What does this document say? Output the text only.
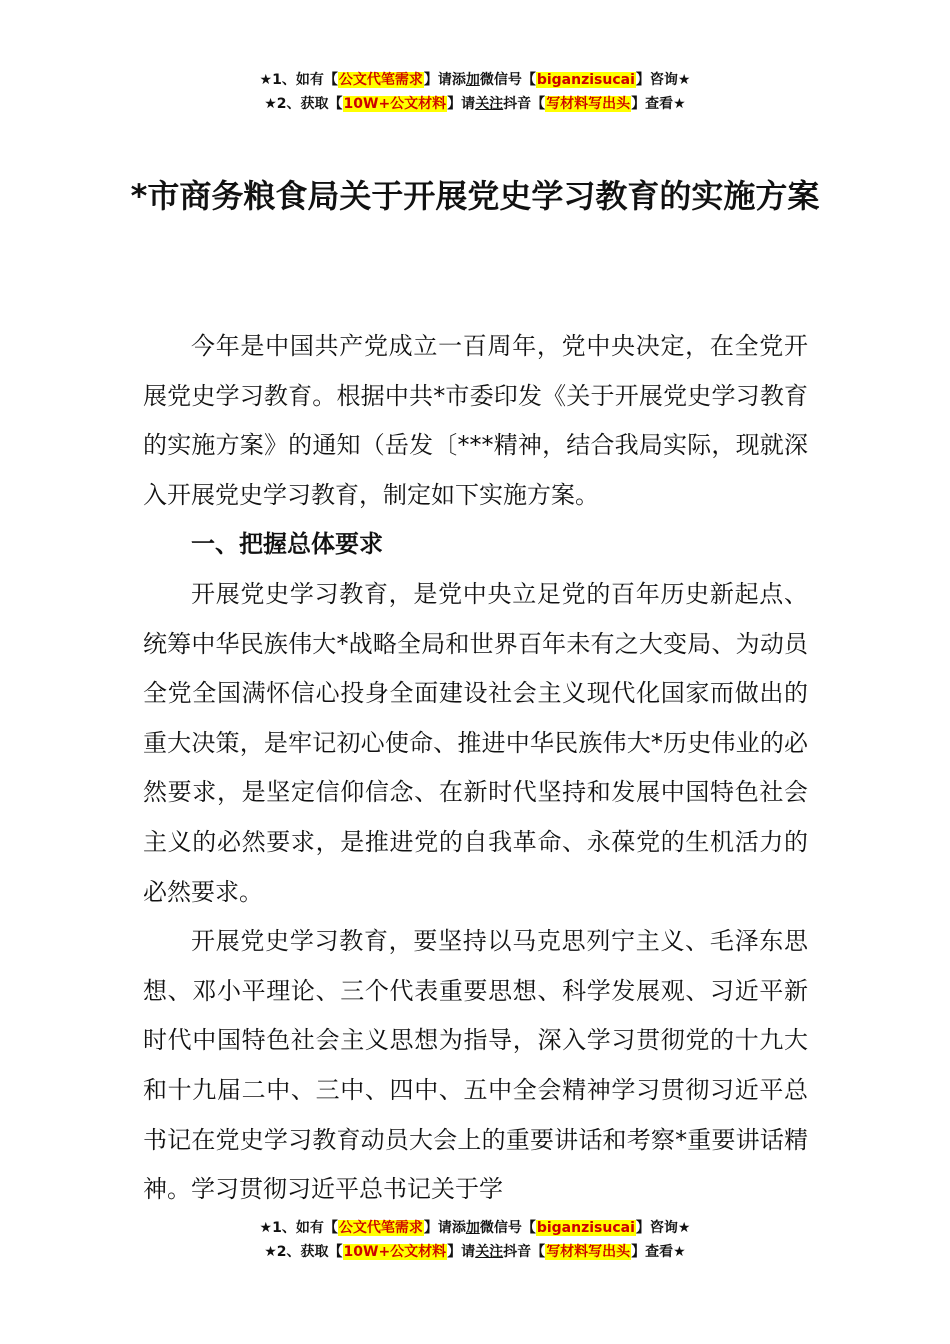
★1、如有【公文代笔需求】请添加微信号【biganzisucai】咨询★
★2、获取【10W+公文材料】请关注抖音【写材料写出头】查看★
*市商务粮食局关于开展党史学习教育的实施方案

今年是中国共产党成立一百周年，党中央决定，在全党开展党史学习教育。根据中共*市委印发《关于开展党史学习教育的实施方案》的通知（岳发〔***精神，结合我局实际，现就深入开展党史学习教育，制定如下实施方案。

一、把握总体要求

开展党史学习教育，是党中央立足党的百年历史新起点、统筹中华民族伟大*战略全局和世界百年未有之大变局、为动员全党全国满怀信心投身全面建设社会主义现代化国家而做出的重大决策，是牢记初心使命、推进中华民族伟大*历史伟业的必然要求，是坚定信仰信念、在新时代坚持和发展中国特色社会主义的必然要求，是推进党的自我革命、永葆党的生机活力的必然要求。

开展党史学习教育，要坚持以马克思列宁主义、毛泽东思想、邓小平理论、三个代表重要思想、科学发展观、习近平新时代中国特色社会主义思想为指导，深入学习贯彻党的十九大和十九届二中、三中、四中、五中全会精神学习贯彻习近平总书记在党史学习教育动员大会上的重要讲话和考察*重要讲话精神。学习贯彻习近平总书记关于学

★1、如有【公文代笔需求】请添加微信号【biganzisucai】咨询★
★2、获取【10W+公文材料】请关注抖音【写材料写出头】查看★
